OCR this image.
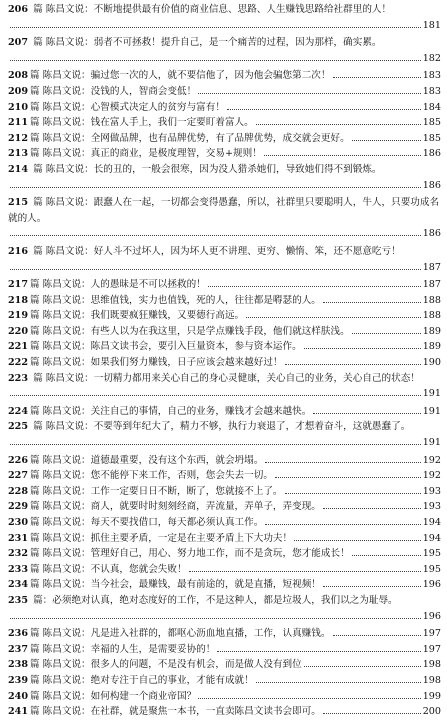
206 篇 陈昌文说：不断地提供最有价值的商业信息、思路、人生赚钱思路给社群里的人！
181
207 篇 陈昌文说：弱者不可拯救！提升自己，是一个痛苦的过程，因为那样，确实累。
182
208 篇 陈昌文说： 骗过您一次的人，就不要信他了，因为他会骗您第二次！	183
209 篇 陈昌文说： 没钱的人，智商会变低！	183
210 篇 陈昌文说： 心智模式决定人的贫穷与富有！	184
211 篇 陈昌文说： 钱在富人手上，我们一定要盯着富人。	185
212 篇 陈昌文说： 全网做品牌，也有品牌优势，有了品牌优势，成交就会更好。	185
213 篇 陈昌文说： 真正的商业，是极度理智，交易+规则！	186
214 篇 陈昌文说：长的丑的，一般会很寒，因为没人猎杀她们，导致她们得不到锻炼。
186
215 篇 陈昌文说：跟蠢人在一起，一切都会变得愚蠢，所以，社群里只要聪明人，牛人，只要功成名就的人。
186
216 篇 陈昌文说：好人斗不过坏人，因为坏人更不讲理、更穷、懒惰、笨，还不愿意吃亏！
187
217 篇 陈昌文说： 人的愚昧是不可以拯救的！	187
218 篇 陈昌文说： 思维值钱，实力也值钱，死的人，往往都是嘚瑟的人。	188
219 篇 陈昌文说： 我们既要疯狂赚钱，又要德行高远。	188
220 篇 陈昌文说： 有些人以为在我这里，只是学点赚钱手段，他们就这样肤浅。	189
221 篇 陈昌文说： 陈昌文读书会，要引入巨量资本，参与资本运作。	189
222 篇 陈昌文说： 如果我们努力赚钱，日子应该会越来越好过！	190
223 篇 陈昌文说：一切精力都用来关心自己的身心灵健康，关心自己的业务，关心自己的状态！
191
224 篇 陈昌文说： 关注自己的事情，自己的业务，赚钱才会越来越快。	191
225 篇 陈昌文说：不要等到年纪大了，精力不够，执行力衰退了，才想着奋斗，这就愚蠢了。
191
226 篇 陈昌文说： 道德最重要，没有这个东西，就会坍塌。	192
227 篇 陈昌文说： 您不能停下来工作，否则，您会失去一切。	192
228 篇 陈昌文说： 工作一定要日日不断，断了，您就接不上了。	193
229 篇 陈昌文说： 商人，就要时时刻刻经商，弄流量，弄单子，弄变现。	193
230 篇 陈昌文说： 每天不要找借口，每天都必须认真工作。	194
231 篇 陈昌文说： 抓住主要矛盾，一定是在主要矛盾上下大功夫！	194
232 篇 陈昌文说： 管理好自己，用心、努力地工作，而不是贪玩，您才能成长！	195
233 篇 陈昌文说： 不认真，您就会失败！	195
234 篇 陈昌文说： 当今社会，最赚钱，最有前途的，就是直播，短视频！	196
235 篇：必须绝对认真，绝对态度好的工作，不是这种人，都是垃圾人，我们以之为耻辱。
196
236 篇 陈昌文说： 凡是进入社群的，都呕心沥血地直播，工作，认真赚钱。	197
237 篇 陈昌文说： 幸福的人生，是需要妥协的！	197
238 篇 陈昌文说： 很多人的问题，不是没有机会，而是做人没有到位	198
239 篇 陈昌文说： 绝对专注于自己的事业，才能有成就！	198
240 篇 陈昌文说： 如何构建一个商业帝国？	199
241 篇 陈昌文说： 在社群，就是聚焦一本书，一直卖陈昌文读书会即可。	200
